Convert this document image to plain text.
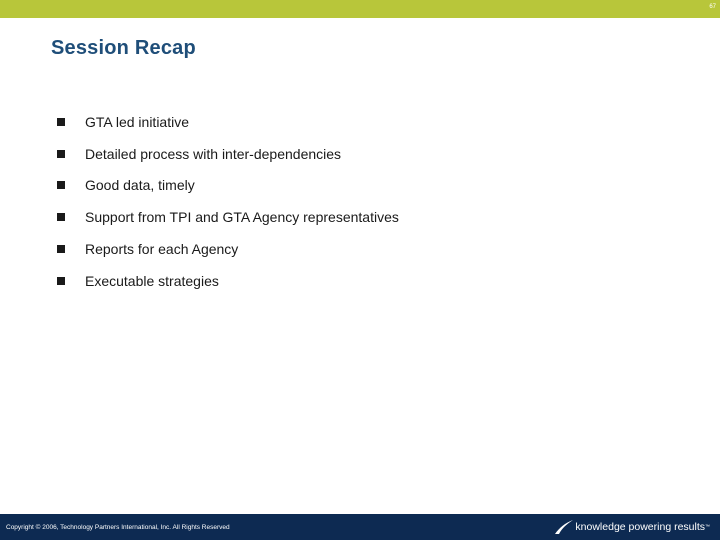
67
Session Recap
GTA led initiative
Detailed process with inter-dependencies
Good data, timely
Support from TPI and GTA Agency representatives
Reports for each Agency
Executable strategies
Copyright © 2006, Technology Partners International, Inc. All Rights Reserved	knowledge powering results ™
